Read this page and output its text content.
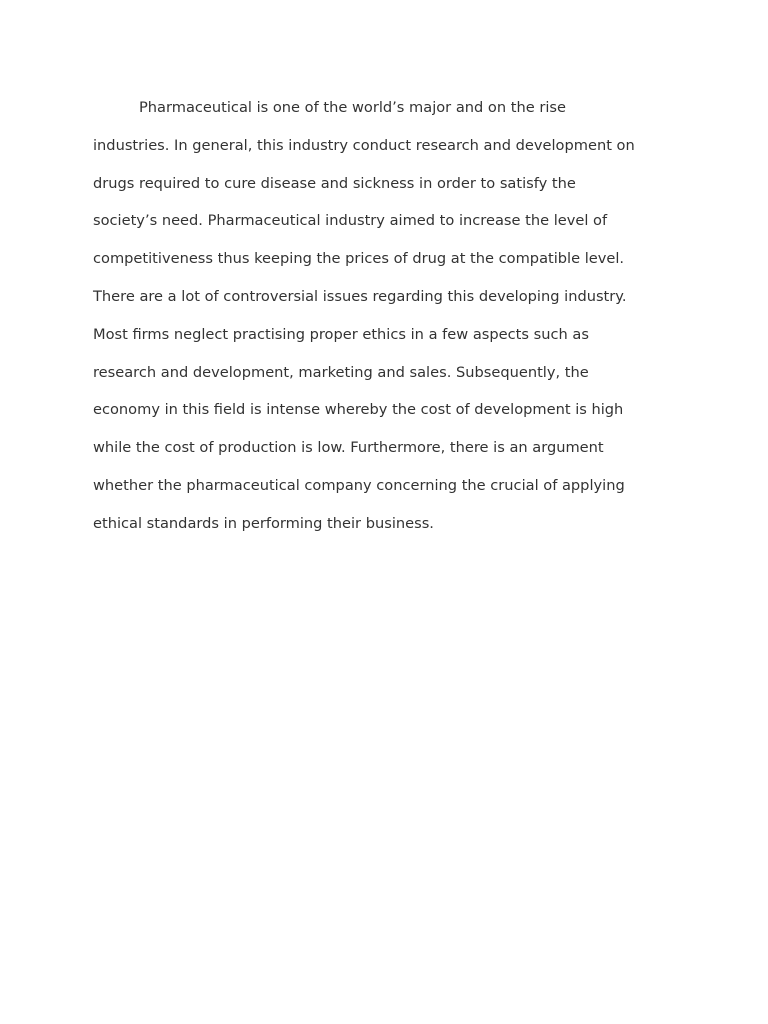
Pharmaceutical is one of the world’s major and on the rise
industries. In general, this industry conduct research and development on
drugs required to cure disease and sickness in order to satisfy the
society’s need. Pharmaceutical industry aimed to increase the level of
competitiveness thus keeping the prices of drug at the compatible level.
There are a lot of controversial issues regarding this developing industry.
Most firms neglect practising proper ethics in a few aspects such as
research and development, marketing and sales. Subsequently, the
economy in this field is intense whereby the cost of development is high
while the cost of production is low. Furthermore, there is an argument
whether the pharmaceutical company concerning the crucial of applying
ethical standards in performing their business.
